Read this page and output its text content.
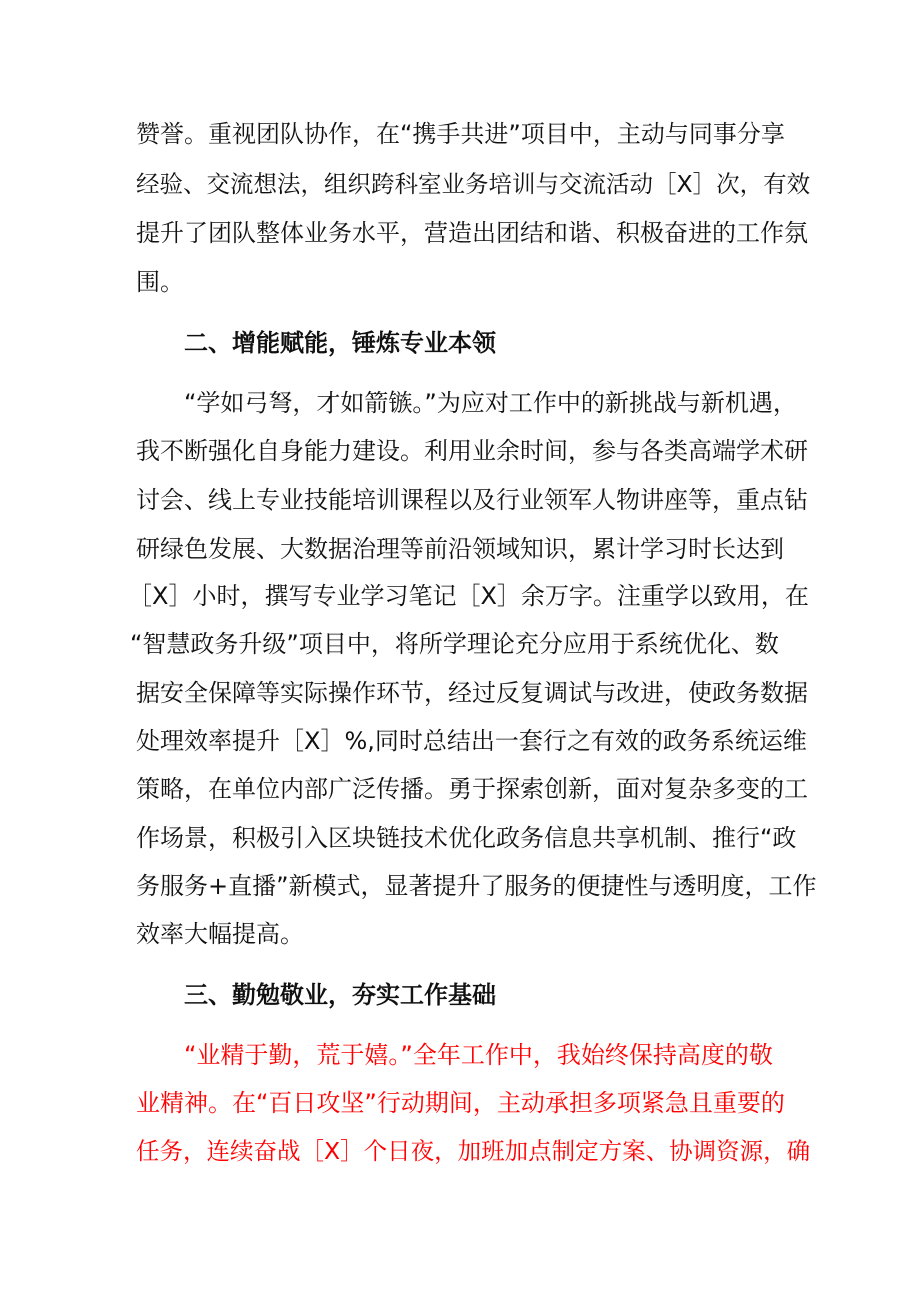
赞誉。重视团队协作，在“携手共进”项目中，主动与同事分享
经验、交流想法，组织跨科室业务培训与交流活动［X］次，有效
提升了团队整体业务水平，营造出团结和谐、积极奋进的工作氛
围。
二、增能赋能，锤炼专业本领
“学如弓弩，才如箭镞。”为应对工作中的新挑战与新机遇，
我不断强化自身能力建设。利用业余时间，参与各类高端学术研
讨会、线上专业技能培训课程以及行业领军人物讲座等，重点钻
研绿色发展、大数据治理等前沿领域知识，累计学习时长达到
［X］小时，撰写专业学习笔记［X］余万字。注重学以致用，在
“智慧政务升级”项目中，将所学理论充分应用于系统优化、数
据安全保障等实际操作环节，经过反复调试与改进，使政务数据
处理效率提升［X］%,同时总结出一套行之有效的政务系统运维
策略，在单位内部广泛传播。勇于探索创新，面对复杂多变的工
作场景，积极引入区块链技术优化政务信息共享机制、推行“政
务服务+直播”新模式，显著提升了服务的便捷性与透明度，工作
效率大幅提高。
三、勤勉敬业，夯实工作基础
“业精于勤，荒于嬉。”全年工作中，我始终保持高度的敬
业精神。在“百日攻坚”行动期间，主动承担多项紧急且重要的
任务，连续奋战［X］个日夜，加班加点制定方案、协调资源，确
